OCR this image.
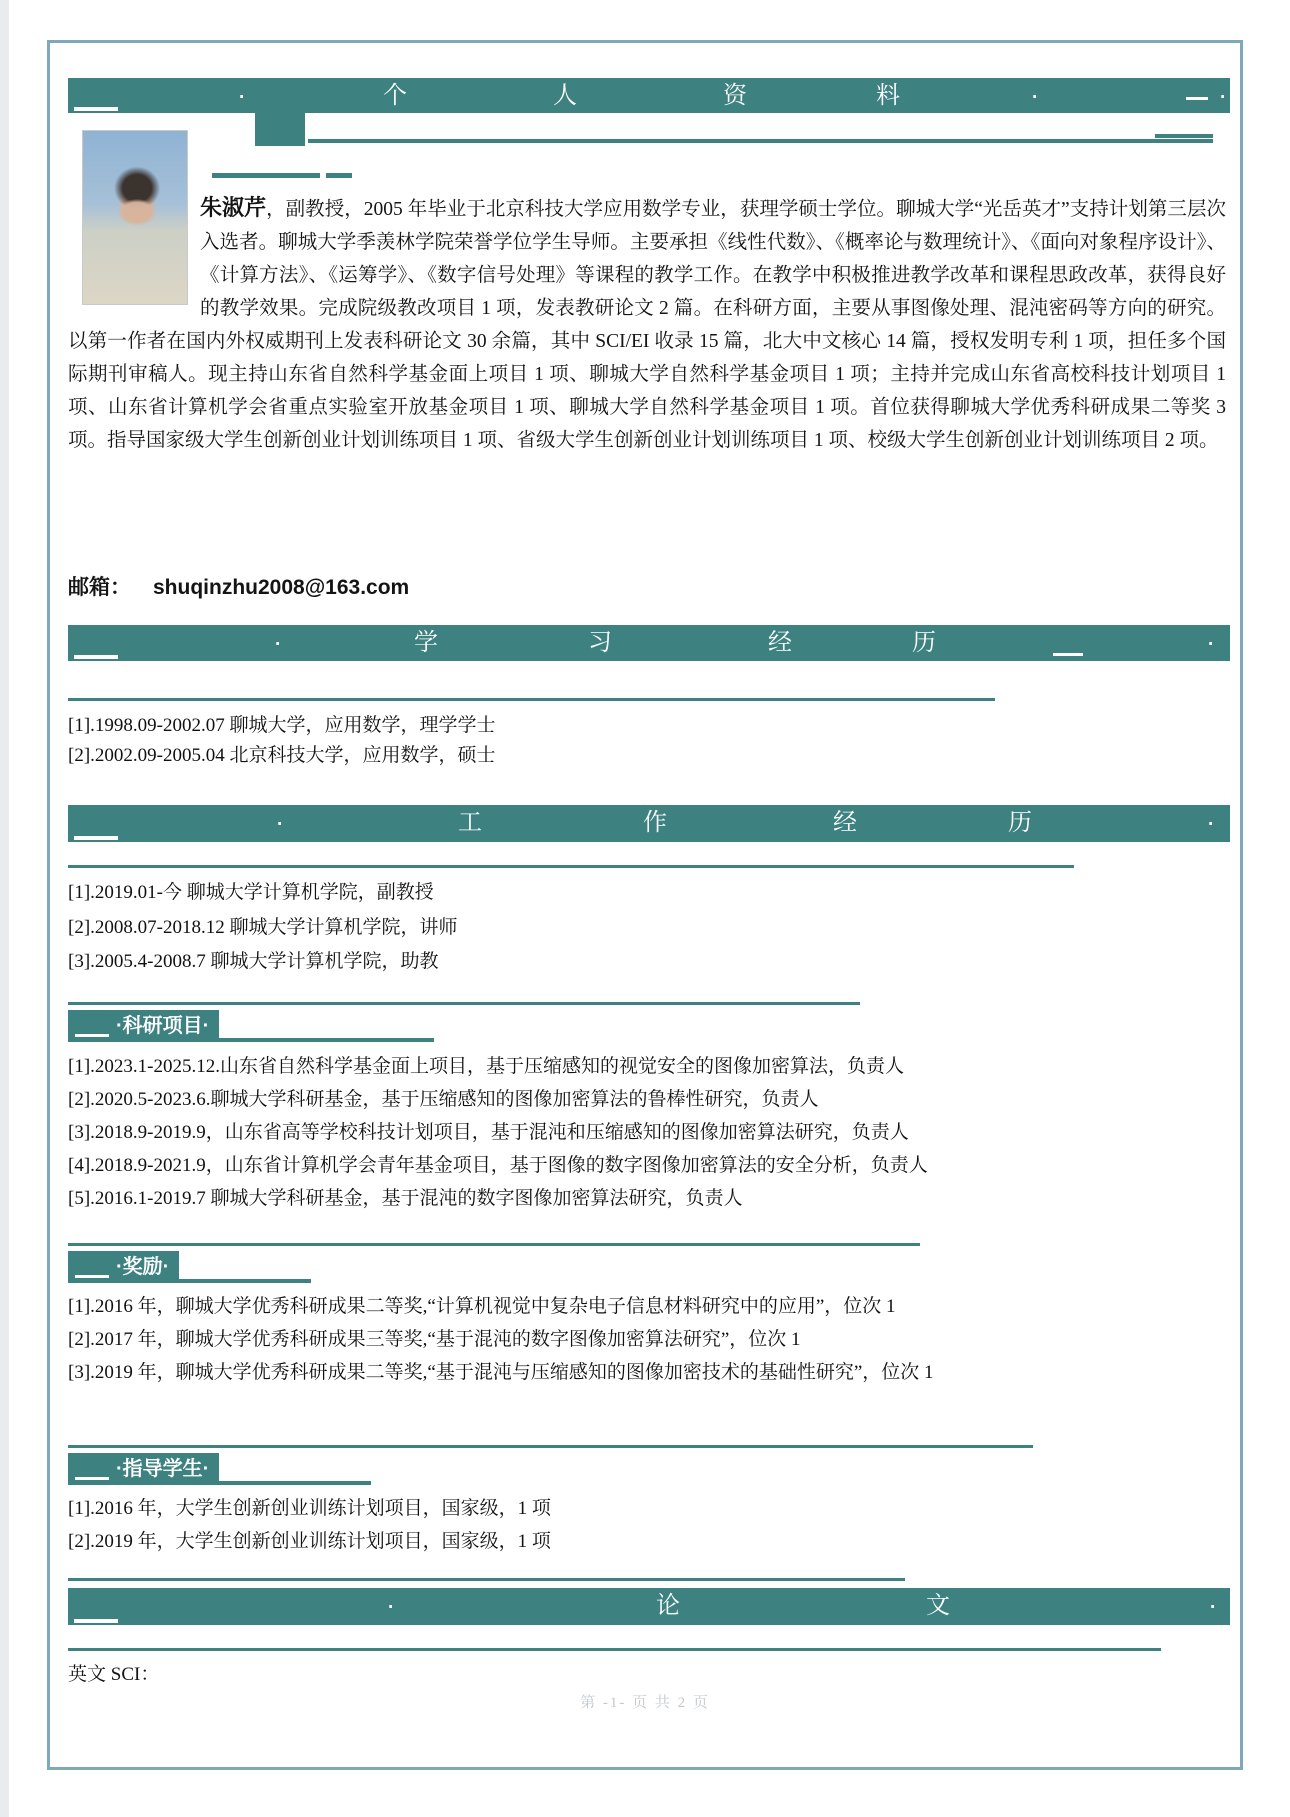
·	个	人	资	料	·	·
朱淑芹，副教授，2005 年毕业于北京科技大学应用数学专业，获理学硕士学位。聊城大学“光岳英才”支持计划第三层次入选者。聊城大学季羡林学院荣誉学位学生导师。主要承担《线性代数》、《概率论与数理统计》、《面向对象程序设计》、《计算方法》、《运筹学》、《数字信号处理》等课程的教学工作。在教学中积极推进教学改革和课程思政改革，获得良好的教学效果。完成院级教改项目 1 项，发表教研论文 2 篇。在科研方面，主要从事图像处理、混沌密码等方向的研究。以第一作者在国内外权威期刊上发表科研论文 30 余篇，其中 SCI/EI 收录 15 篇，北大中文核心 14 篇，授权发明专利 1 项，担任多个国际期刊审稿人。现主持山东省自然科学基金面上项目 1 项、聊城大学自然科学基金项目 1 项；主持并完成山东省高校科技计划项目 1 项、山东省计算机学会省重点实验室开放基金项目 1 项、聊城大学自然科学基金项目 1 项。首位获得聊城大学优秀科研成果二等奖 3 项。指导国家级大学生创新创业计划训练项目 1 项、省级大学生创新创业计划训练项目 1 项、校级大学生创新创业计划训练项目 2 项。
邮箱： shuqinzhu2008@163.com
·	学	习	经	历	·
[1].1998.09-2002.07 聊城大学，应用数学，理学学士
[2].2002.09-2005.04 北京科技大学，应用数学，硕士
·	工	作	经	历	·
[1].2019.01-今 聊城大学计算机学院，副教授
[2].2008.07-2018.12 聊城大学计算机学院，讲师
[3].2005.4-2008.7 聊城大学计算机学院，助教
·科研项目·
[1].2023.1-2025.12.山东省自然科学基金面上项目，基于压缩感知的视觉安全的图像加密算法，负责人
[2].2020.5-2023.6.聊城大学科研基金，基于压缩感知的图像加密算法的鲁棒性研究，负责人
[3].2018.9-2019.9，山东省高等学校科技计划项目，基于混沌和压缩感知的图像加密算法研究，负责人
[4].2018.9-2021.9，山东省计算机学会青年基金项目，基于图像的数字图像加密算法的安全分析，负责人
[5].2016.1-2019.7 聊城大学科研基金，基于混沌的数字图像加密算法研究，负责人
·奖励·
[1].2016 年，聊城大学优秀科研成果二等奖,“计算机视觉中复杂电子信息材料研究中的应用”，位次 1
[2].2017 年，聊城大学优秀科研成果三等奖,“基于混沌的数字图像加密算法研究”，位次 1
[3].2019 年，聊城大学优秀科研成果二等奖,“基于混沌与压缩感知的图像加密技术的基础性研究”，位次 1
·指导学生·
[1].2016 年，大学生创新创业训练计划项目，国家级，1 项
[2].2019 年，大学生创新创业训练计划项目，国家级，1 项
·	论	文	·
英文 SCI：
第 -1- 页 共 2 页
